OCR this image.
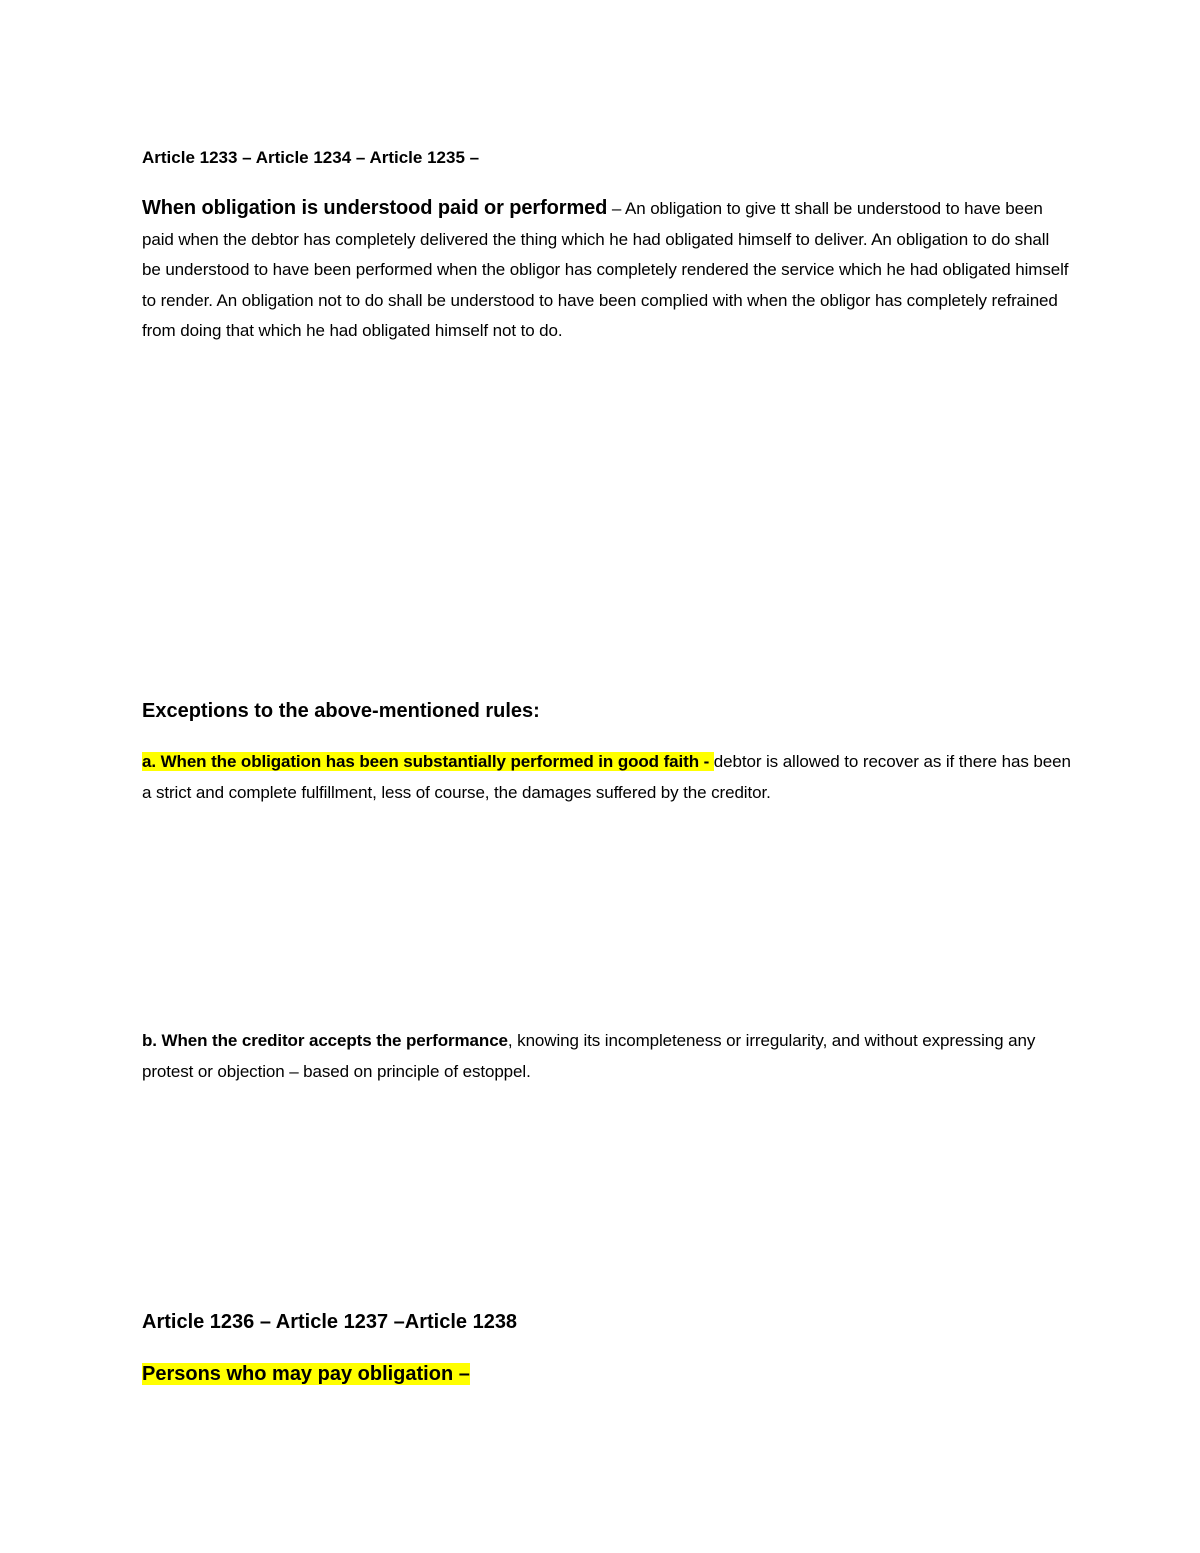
Article 1233 – Article 1234 – Article 1235 –
When obligation is understood paid or performed – An obligation to give tt shall be understood to have been paid when the debtor has completely delivered the thing which he had obligated himself to deliver. An obligation to do shall be understood to have been performed when the obligor has completely rendered the service which he had obligated himself to render. An obligation not to do shall be understood to have been complied with when the obligor has completely refrained from doing that which he had obligated himself not to do.
Exceptions to the above-mentioned rules:
a. When the obligation has been substantially performed in good faith - debtor is allowed to recover as if there has been a strict and complete fulfillment, less of course, the damages suffered by the creditor.
b. When the creditor accepts the performance, knowing its incompleteness or irregularity, and without expressing any protest or objection – based on principle of estoppel.
Article 1236 – Article 1237 –Article 1238
Persons who may pay obligation –
